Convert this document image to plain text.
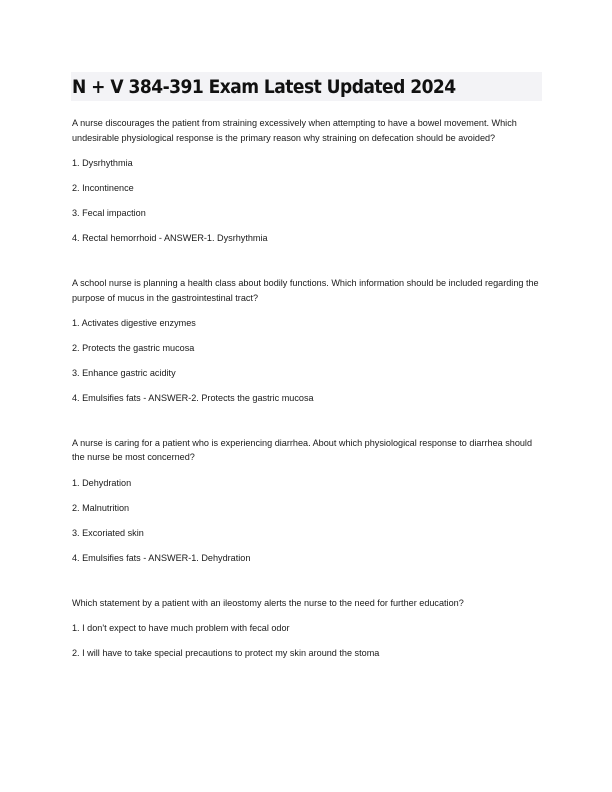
N + V 384-391 Exam Latest Updated 2024

A nurse discourages the patient from straining excessively when attempting to have a bowel movement. Which undesirable physiological response is the primary reason why straining on defecation should be avoided?

1. Dysrhythmia

2. Incontinence

3. Fecal impaction

4. Rectal hemorrhoid - ANSWER-1. Dysrhythmia

A school nurse is planning a health class about bodily functions. Which information should be included regarding the purpose of mucus in the gastrointestinal tract?

1. Activates digestive enzymes

2. Protects the gastric mucosa

3. Enhance gastric acidity

4. Emulsifies fats - ANSWER-2. Protects the gastric mucosa

A nurse is caring for a patient who is experiencing diarrhea. About which physiological response to diarrhea should the nurse be most concerned?

1. Dehydration

2. Malnutrition

3. Excoriated skin

4. Emulsifies fats - ANSWER-1. Dehydration

Which statement by a patient with an ileostomy alerts the nurse to the need for further education?

1. I don't expect to have much problem with fecal odor

2. I will have to take special precautions to protect my skin around the stoma
